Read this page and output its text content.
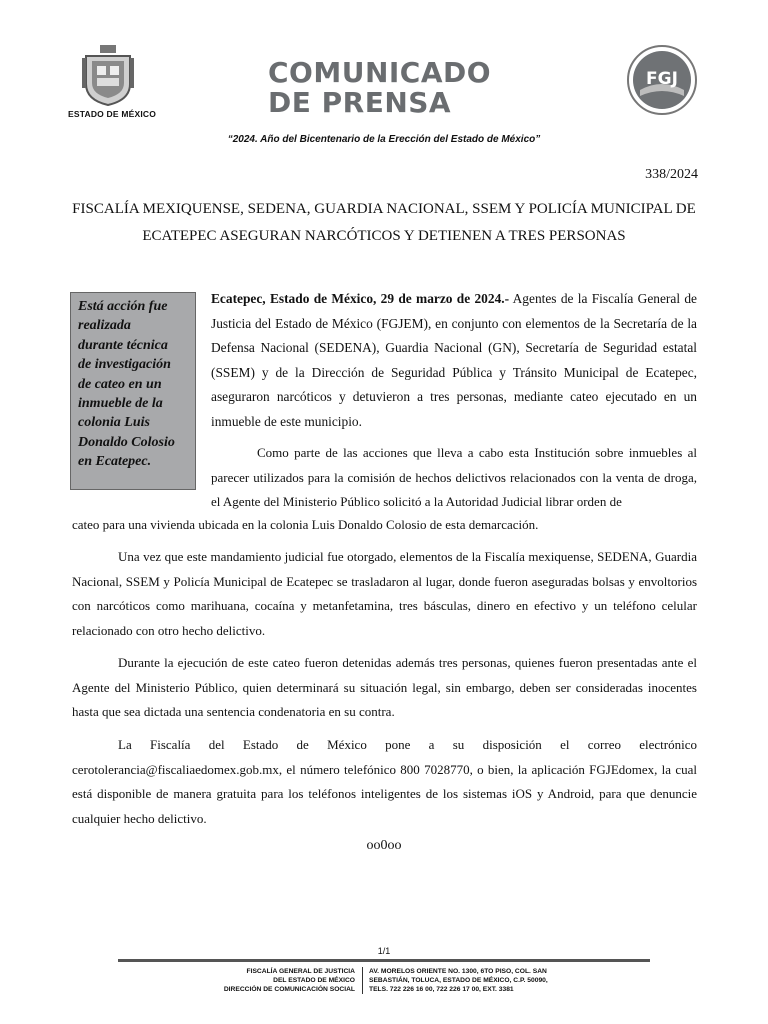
ESTADO DE MÉXICO
COMUNICADO
DE PRENSA
FGJ
“2024. Año del Bicentenario de la Erección del Estado de México”
338/2024
FISCALÍA MEXIQUENSE, SEDENA, GUARDIA NACIONAL, SSEM Y POLICÍA MUNICIPAL DE
ECATEPEC ASEGURAN NARCÓTICOS Y DETIENEN A TRES PERSONAS
Está acción fue
realizada
durante técnica
de investigación
de cateo en un
inmueble de la
colonia Luis
Donaldo Colosio
en Ecatepec.
Ecatepec, Estado de México, 29 de marzo de 2024.- Agentes de la Fiscalía General de Justicia del Estado de México (FGJEM), en conjunto con elementos de la Secretaría de la Defensa Nacional (SEDENA), Guardia Nacional (GN), Secretaría de Seguridad estatal (SSEM) y de la Dirección de Seguridad Pública y Tránsito Municipal de Ecatepec, aseguraron narcóticos y detuvieron a tres personas, mediante cateo ejecutado en un inmueble de este municipio.
Como parte de las acciones que lleva a cabo esta Institución sobre inmuebles al parecer utilizados para la comisión de hechos delictivos relacionados con la venta de droga, el Agente del Ministerio Público solicitó a la Autoridad Judicial librar orden de
cateo para una vivienda ubicada en la colonia Luis Donaldo Colosio de esta demarcación.
Una vez que este mandamiento judicial fue otorgado, elementos de la Fiscalía mexiquense, SEDENA, Guardia Nacional, SSEM y Policía Municipal de Ecatepec se trasladaron al lugar, donde fueron aseguradas bolsas y envoltorios con narcóticos como marihuana, cocaína y metanfetamina, tres básculas, dinero en efectivo y un teléfono celular relacionado con otro hecho delictivo.
Durante la ejecución de este cateo fueron detenidas además tres personas, quienes fueron presentadas ante el Agente del Ministerio Público, quien determinará su situación legal, sin embargo, deben ser consideradas inocentes hasta que sea dictada una sentencia condenatoria en su contra.
La Fiscalía del Estado de México pone a su disposición el correo electrónico cerotolerancia@fiscaliaedomex.gob.mx, el número telefónico 800 7028770, o bien, la aplicación FGJEdomex, la cual está disponible de manera gratuita para los teléfonos inteligentes de los sistemas iOS y Android, para que denuncie cualquier hecho delictivo.
oo0oo
1/1
FISCALÍA GENERAL DE JUSTICIA
DEL ESTADO DE MÉXICO
DIRECCIÓN DE COMUNICACIÓN SOCIAL
AV. MORELOS ORIENTE NO. 1300, 6TO PISO, COL. SAN
SEBASTIÁN, TOLUCA, ESTADO DE MÉXICO, C.P. 50090,
TELS. 722 226 16 00, 722 226 17 00, EXT. 3381
